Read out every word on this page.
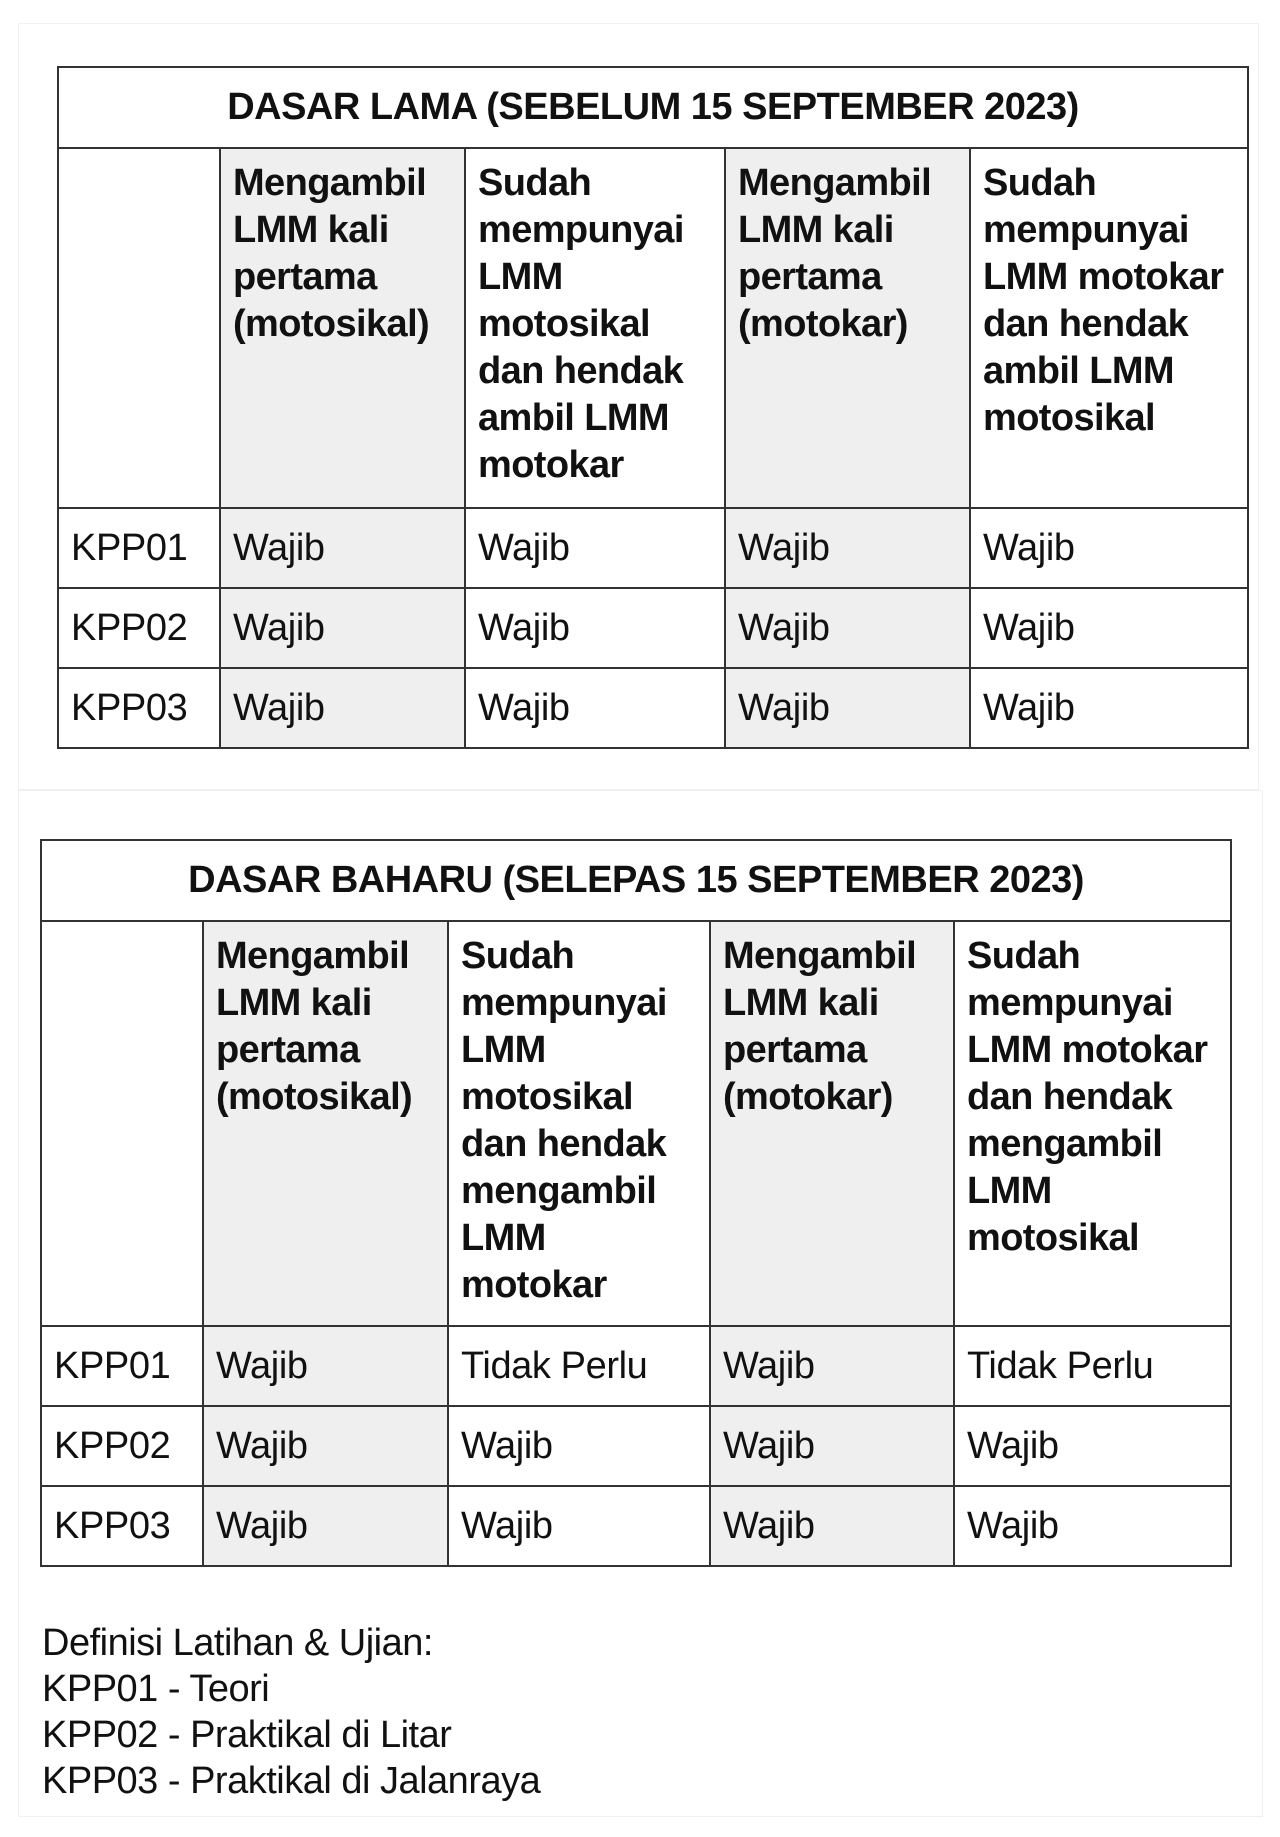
DASAR LAMA (SEBELUM 15 SEPTEMBER 2023)				
	Mengambil LMM kali pertama (motosikal)	Sudah mempunyai LMM motosikal dan hendak ambil LMM motokar	Mengambil LMM kali pertama (motokar)	Sudah mempunyai LMM motokar dan hendak ambil LMM motosikal
KPP01	Wajib	Wajib	Wajib	Wajib
KPP02	Wajib	Wajib	Wajib	Wajib
KPP03	Wajib	Wajib	Wajib	Wajib
DASAR BAHARU (SELEPAS 15 SEPTEMBER 2023)				
	Mengambil LMM kali pertama (motosikal)	Sudah mempunyai LMM motosikal dan hendak mengambil LMM motokar	Mengambil LMM kali pertama (motokar)	Sudah mempunyai LMM motokar dan hendak mengambil LMM motosikal
KPP01	Wajib	Tidak Perlu	Wajib	Tidak Perlu
KPP02	Wajib	Wajib	Wajib	Wajib
KPP03	Wajib	Wajib	Wajib	Wajib
Definisi Latihan & Ujian:
KPP01 - Teori
KPP02 - Praktikal di Litar
KPP03 - Praktikal di Jalanraya
